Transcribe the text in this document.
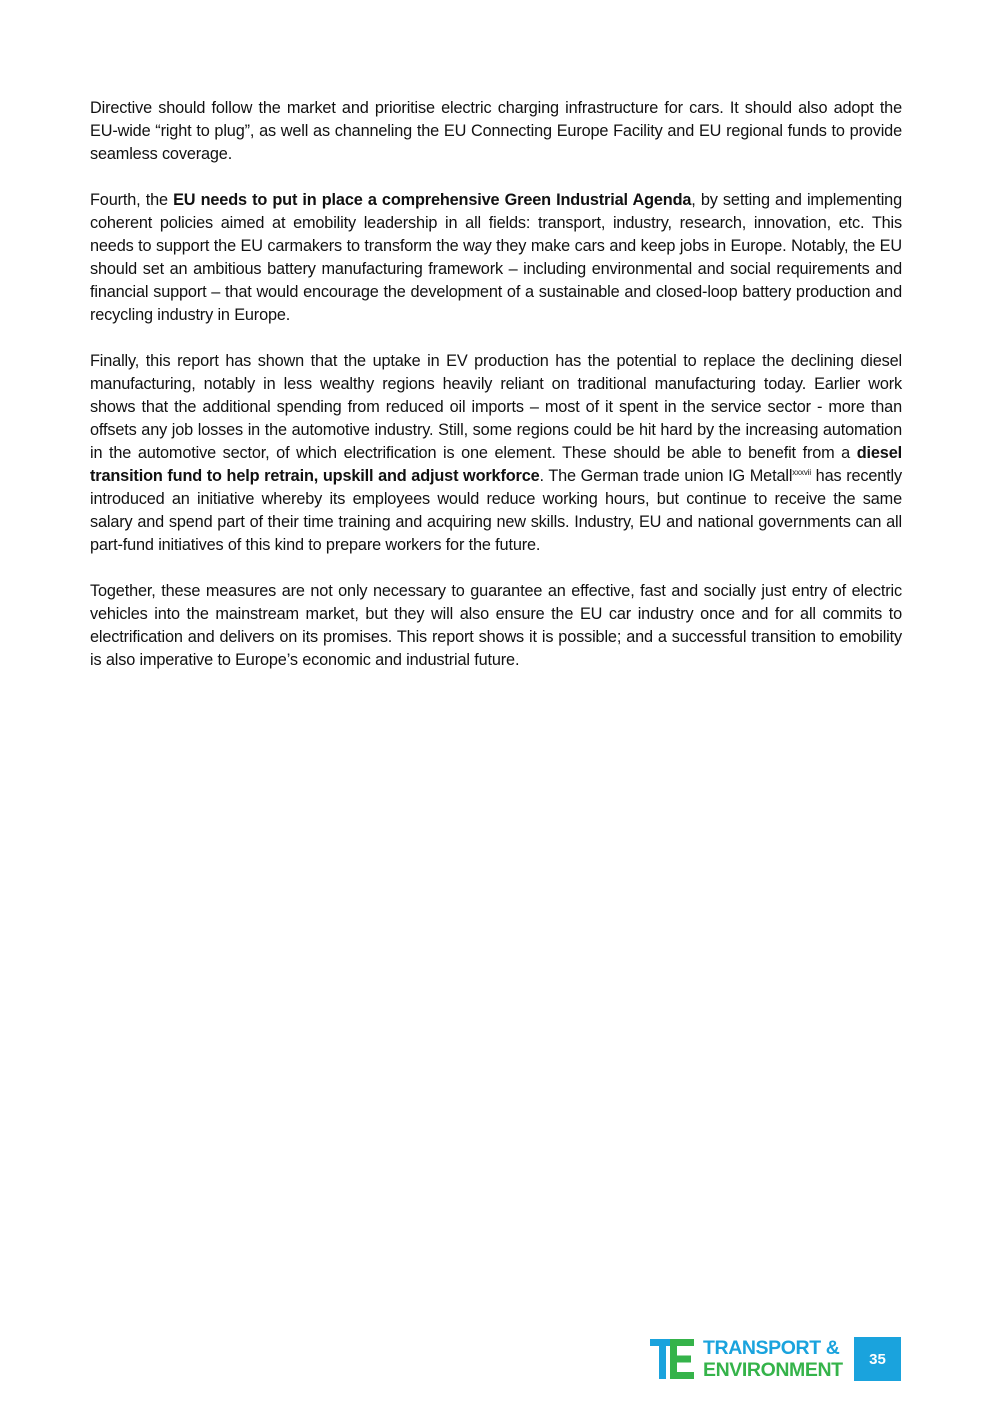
Directive should follow the market and prioritise electric charging infrastructure for cars. It should also adopt the EU-wide “right to plug”, as well as channeling the EU Connecting Europe Facility and EU regional funds to provide seamless coverage.

Fourth, the EU needs to put in place a comprehensive Green Industrial Agenda, by setting and implementing coherent policies aimed at emobility leadership in all fields: transport, industry, research, innovation, etc. This needs to support the EU carmakers to transform the way they make cars and keep jobs in Europe. Notably, the EU should set an ambitious battery manufacturing framework – including environmental and social requirements and financial support – that would encourage the development of a sustainable and closed-loop battery production and recycling industry in Europe.

Finally, this report has shown that the uptake in EV production has the potential to replace the declining diesel manufacturing, notably in less wealthy regions heavily reliant on traditional manufacturing today. Earlier work shows that the additional spending from reduced oil imports – most of it spent in the service sector - more than offsets any job losses in the automotive industry. Still, some regions could be hit hard by the increasing automation in the automotive sector, of which electrification is one element. These should be able to benefit from a diesel transition fund to help retrain, upskill and adjust workforce. The German trade union IG Metall$^{xxxvii}$ has recently introduced an initiative whereby its employees would reduce working hours, but continue to receive the same salary and spend part of their time training and acquiring new skills. Industry, EU and national governments can all part-fund initiatives of this kind to prepare workers for the future.

Together, these measures are not only necessary to guarantee an effective, fast and socially just entry of electric vehicles into the mainstream market, but they will also ensure the EU car industry once and for all commits to electrification and delivers on its promises. This report shows it is possible; and a successful transition to emobility is also imperative to Europe’s economic and industrial future.

TRANSPORT &
ENVIRONMENT 35
